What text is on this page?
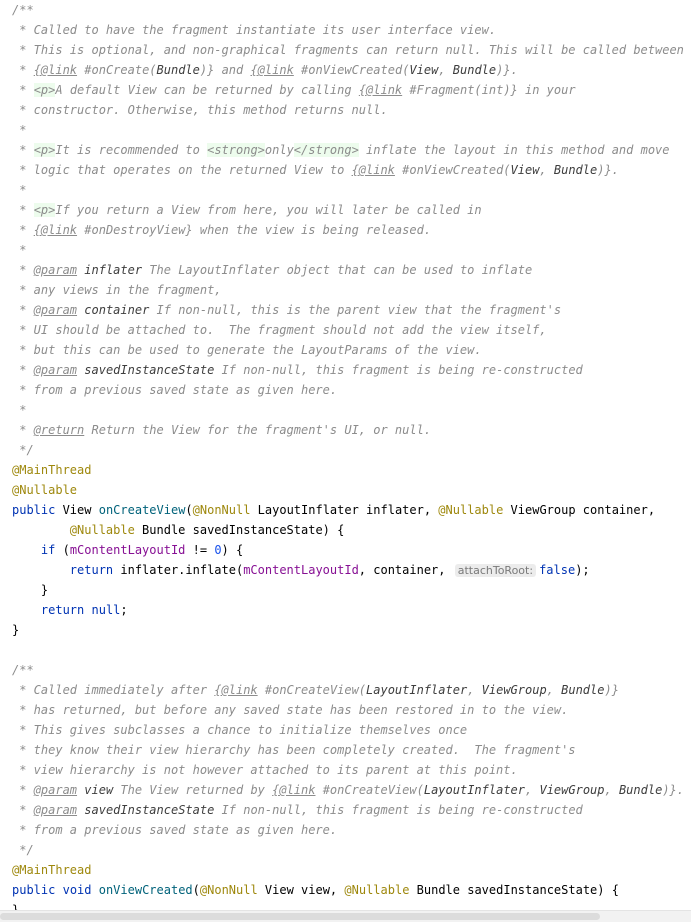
/**
* Called to have the fragment instantiate its user interface view.
* This is optional, and non-graphical fragments can return null. This will be called between
* {@link #onCreate(Bundle)} and {@link #onViewCreated(View, Bundle)}.
* <p>A default View can be returned by calling {@link #Fragment(int)} in your
* constructor. Otherwise, this method returns null.
*
* <p>It is recommended to <strong>only</strong> inflate the layout in this method and move
* logic that operates on the returned View to {@link #onViewCreated(View, Bundle)}.
*
* <p>If you return a View from here, you will later be called in
* {@link #onDestroyView} when the view is being released.
*
* @param inflater The LayoutInflater object that can be used to inflate
* any views in the fragment,
* @param container If non-null, this is the parent view that the fragment's
* UI should be attached to.  The fragment should not add the view itself,
* but this can be used to generate the LayoutParams of the view.
* @param savedInstanceState If non-null, this fragment is being re-constructed
* from a previous saved state as given here.
*
* @return Return the View for the fragment's UI, or null.
*/
@MainThread
@Nullable
public View onCreateView(@NonNull LayoutInflater inflater, @Nullable ViewGroup container,
@Nullable Bundle savedInstanceState) {
if (mContentLayoutId != 0) {
return inflater.inflate(mContentLayoutId, container, attachToRoot: false);
}
return null;
}
/**
* Called immediately after {@link #onCreateView(LayoutInflater, ViewGroup, Bundle)}
* has returned, but before any saved state has been restored in to the view.
* This gives subclasses a chance to initialize themselves once
* they know their view hierarchy has been completely created.  The fragment's
* view hierarchy is not however attached to its parent at this point.
* @param view The View returned by {@link #onCreateView(LayoutInflater, ViewGroup, Bundle)}.
* @param savedInstanceState If non-null, this fragment is being re-constructed
* from a previous saved state as given here.
*/
@MainThread
public void onViewCreated(@NonNull View view, @Nullable Bundle savedInstanceState) {
